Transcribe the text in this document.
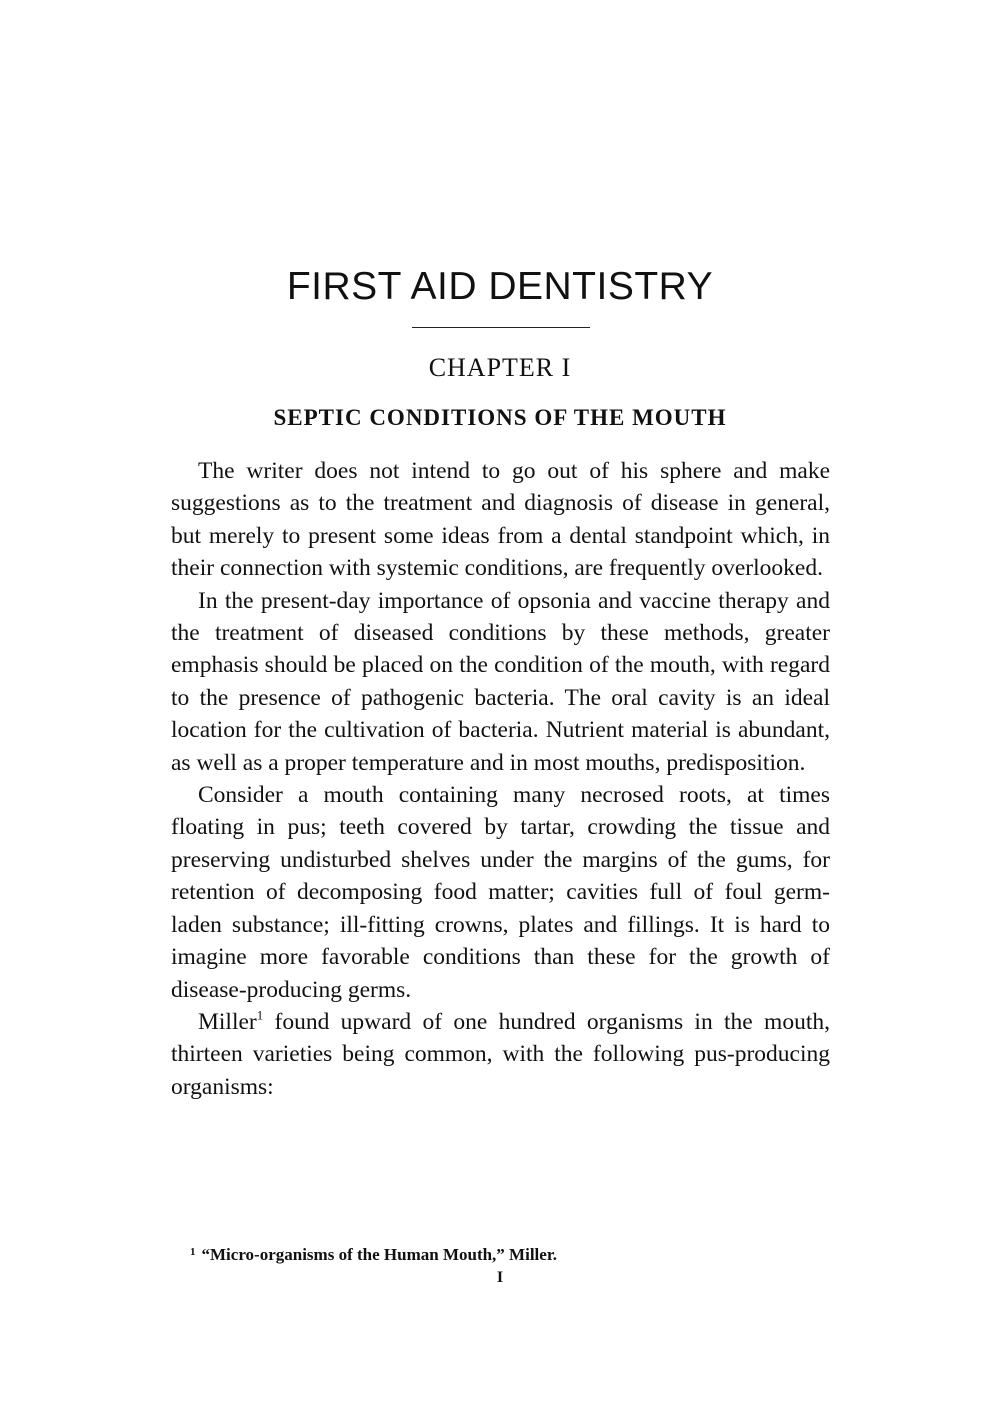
FIRST AID DENTISTRY
CHAPTER I
SEPTIC CONDITIONS OF THE MOUTH

The writer does not intend to go out of his sphere and make suggestions as to the treatment and diagnosis of disease in general, but merely to present some ideas from a dental standpoint which, in their connection with systemic conditions, are frequently overlooked.

In the present-day importance of opsonia and vaccine therapy and the treatment of diseased conditions by these methods, greater emphasis should be placed on the condition of the mouth, with regard to the presence of pathogenic bacteria. The oral cavity is an ideal location for the cultivation of bacteria. Nutrient material is abundant, as well as a proper temperature and in most mouths, predisposition.

Consider a mouth containing many necrosed roots, at times floating in pus; teeth covered by tartar, crowding the tissue and preserving undisturbed shelves under the margins of the gums, for retention of decomposing food matter; cavities full of foul germ-laden substance; ill-fitting crowns, plates and fillings. It is hard to imagine more favorable conditions than these for the growth of disease-producing germs.

Miller$^1$ found upward of one hundred organisms in the mouth, thirteen varieties being common, with the following pus-producing organisms:

$^1$ “Micro-organisms of the Human Mouth,” Miller.
I
